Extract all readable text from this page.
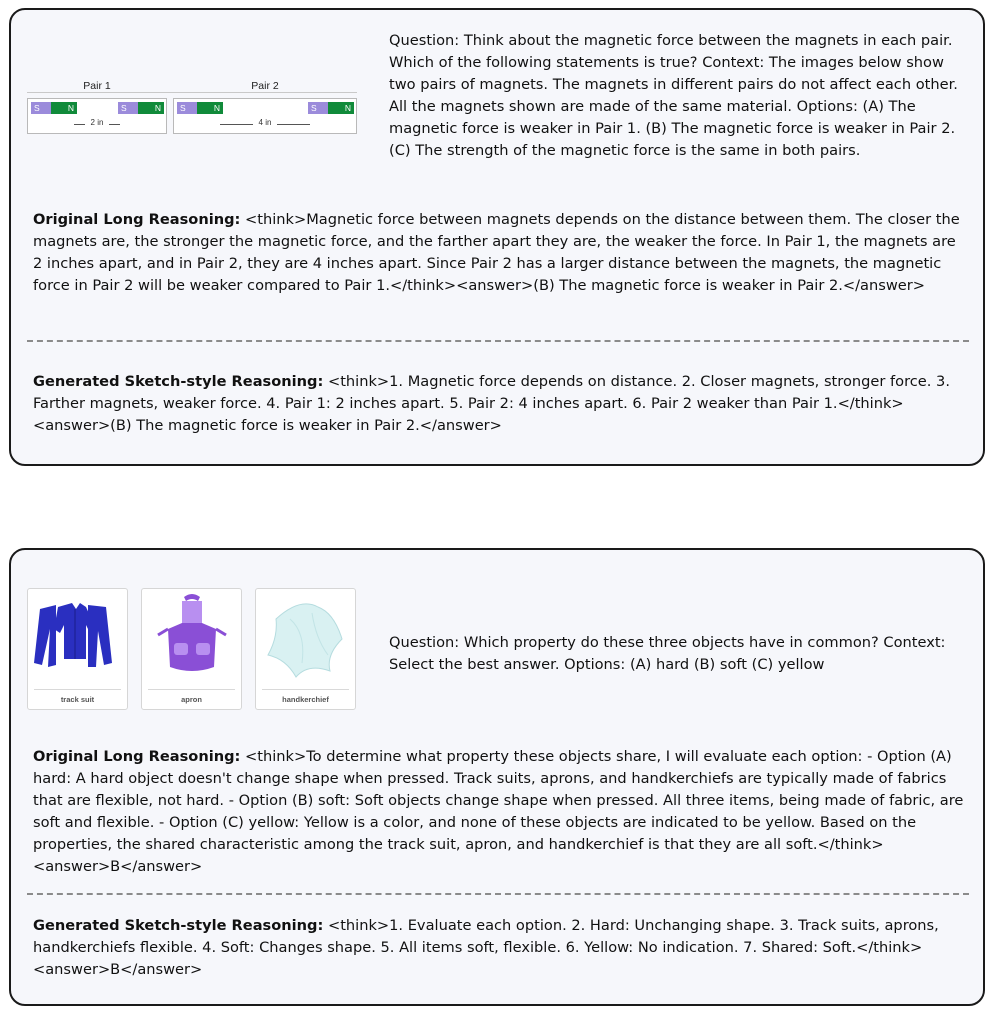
Pair 1	Pair 2
S	N	S	N
2 in
S	N	S	N
4 in
Question: Think about the magnetic force between the magnets in each pair. Which of the following statements is true? Context: The images below show two pairs of magnets. The magnets in different pairs do not affect each other. All the magnets shown are made of the same material. Options: (A) The magnetic force is weaker in Pair 1. (B) The magnetic force is weaker in Pair 2. (C) The strength of the magnetic force is the same in both pairs.
Original Long Reasoning: <think>Magnetic force between magnets depends on the distance between them. The closer the magnets are, the stronger the magnetic force, and the farther apart they are, the weaker the force. In Pair 1, the magnets are 2 inches apart, and in Pair 2, they are 4 inches apart. Since Pair 2 has a larger distance between the magnets, the magnetic force in Pair 2 will be weaker compared to Pair 1.</think><answer>(B) The magnetic force is weaker in Pair 2.</answer>
Generated Sketch-style Reasoning: <think>1. Magnetic force depends on distance. 2. Closer magnets, stronger force. 3. Farther magnets, weaker force. 4. Pair 1: 2 inches apart. 5. Pair 2: 4 inches apart. 6. Pair 2 weaker than Pair 1.</think><answer>(B) The magnetic force is weaker in Pair 2.</answer>
track suit	apron	handkerchief
Question: Which property do these three objects have in common? Context: Select the best answer. Options: (A) hard (B) soft (C) yellow
Original Long Reasoning: <think>To determine what property these objects share, I will evaluate each option: - Option (A) hard: A hard object doesn't change shape when pressed. Track suits, aprons, and handkerchiefs are typically made of fabrics that are flexible, not hard. - Option (B) soft: Soft objects change shape when pressed. All three items, being made of fabric, are soft and flexible. - Option (C) yellow: Yellow is a color, and none of these objects are indicated to be yellow. Based on the properties, the shared characteristic among the track suit, apron, and handkerchief is that they are all soft.</think><answer>B</answer>
Generated Sketch-style Reasoning: <think>1. Evaluate each option. 2. Hard: Unchanging shape. 3. Track suits, aprons, handkerchiefs flexible. 4. Soft: Changes shape. 5. All items soft, flexible. 6. Yellow: No indication. 7. Shared: Soft.</think><answer>B</answer>
